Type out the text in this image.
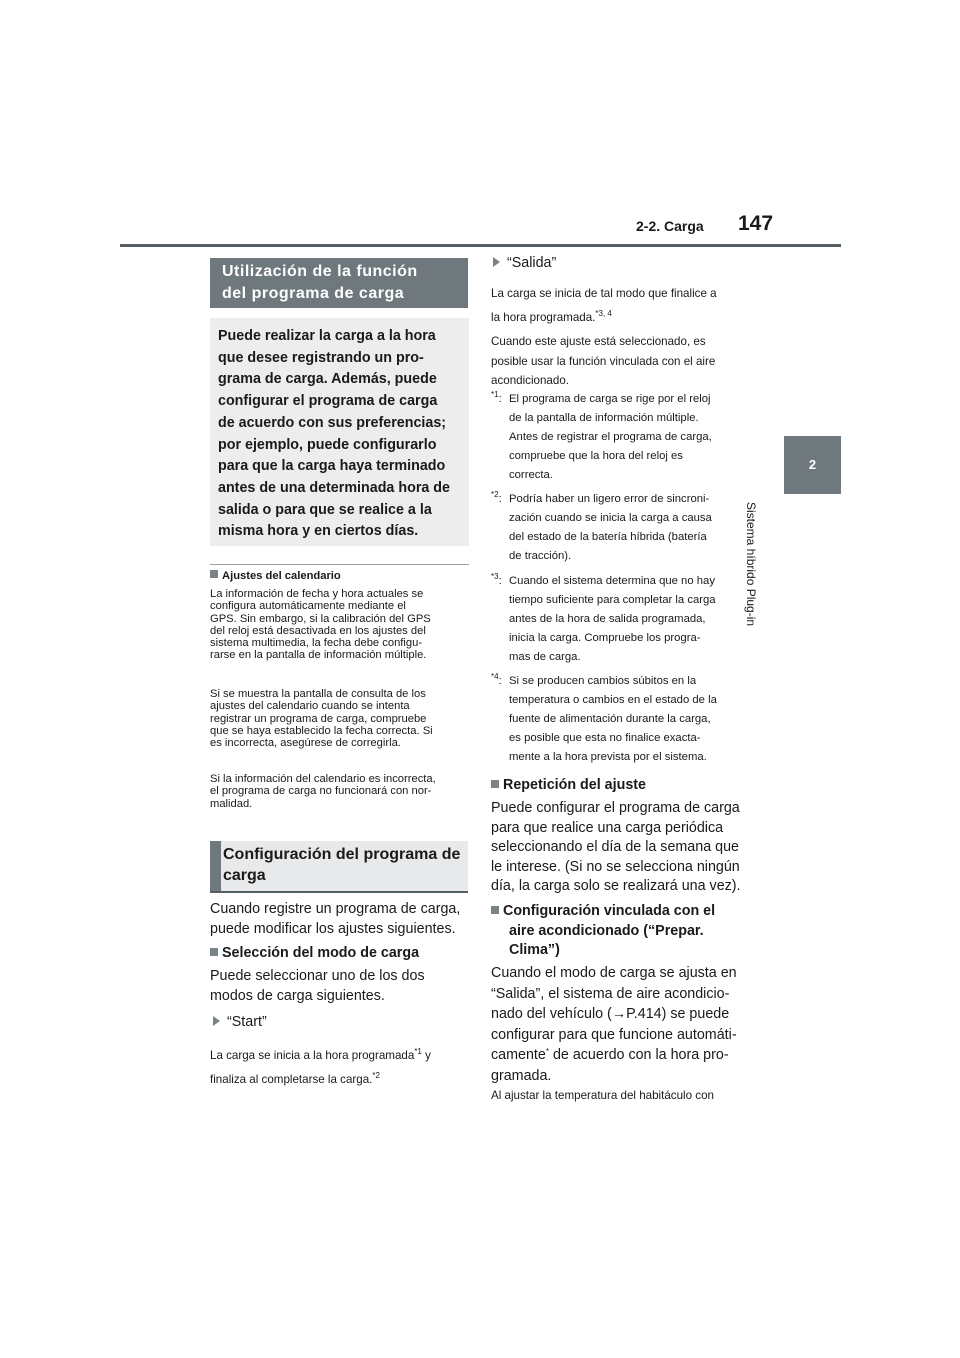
2-2. Carga 147
2
Sistema híbrido Plug-in
Utilización de la función
del programa de carga
Puede realizar la carga a la hora
que desee registrando un pro-
grama de carga. Además, puede
configurar el programa de carga
de acuerdo con sus preferencias;
por ejemplo, puede configurarlo
para que la carga haya terminado
antes de una determinada hora de
salida o para que se realice a la
misma hora y en ciertos días.
Ajustes del calendario
La información de fecha y hora actuales se
configura automáticamente mediante el
GPS. Sin embargo, si la calibración del GPS
del reloj está desactivada en los ajustes del
sistema multimedia, la fecha debe configu-
rarse en la pantalla de información múltiple.
Si se muestra la pantalla de consulta de los
ajustes del calendario cuando se intenta
registrar un programa de carga, compruebe
que se haya establecido la fecha correcta. Si
es incorrecta, asegúrese de corregirla.
Si la información del calendario es incorrecta,
el programa de carga no funcionará con nor-
malidad.
Configuración del programa de
carga
Cuando registre un programa de carga,
puede modificar los ajustes siguientes.
Selección del modo de carga
Puede seleccionar uno de los dos
modos de carga siguientes.
“Start”
La carga se inicia a la hora programada$^{*1}$ y
finaliza al completarse la carga.$^{*2}$
“Salida”
La carga se inicia de tal modo que finalice a
la hora programada.$^{*3, 4}$
Cuando este ajuste está seleccionado, es
posible usar la función vinculada con el aire
acondicionado.
$^{*1}$: El programa de carga se rige por el reloj
de la pantalla de información múltiple.
Antes de registrar el programa de carga,
compruebe que la hora del reloj es
correcta.
$^{*2}$: Podría haber un ligero error de sincroni-
zación cuando se inicia la carga a causa
del estado de la batería híbrida (batería
de tracción).
$^{*3}$: Cuando el sistema determina que no hay
tiempo suficiente para completar la carga
antes de la hora de salida programada,
inicia la carga. Compruebe los progra-
mas de carga.
$^{*4}$: Si se producen cambios súbitos en la
temperatura o cambios en el estado de la
fuente de alimentación durante la carga,
es posible que esta no finalice exacta-
mente a la hora prevista por el sistema.
Repetición del ajuste
Puede configurar el programa de carga
para que realice una carga periódica
seleccionando el día de la semana que
le interese. (Si no se selecciona ningún
día, la carga solo se realizará una vez).
Configuración vinculada con el
aire acondicionado (“Prepar.
Clima”)
Cuando el modo de carga se ajusta en
“Salida”, el sistema de aire acondicio-
nado del vehículo (→P.414) se puede
configurar para que funcione automáti-
camente* de acuerdo con la hora pro-
gramada.
Al ajustar la temperatura del habitáculo con
